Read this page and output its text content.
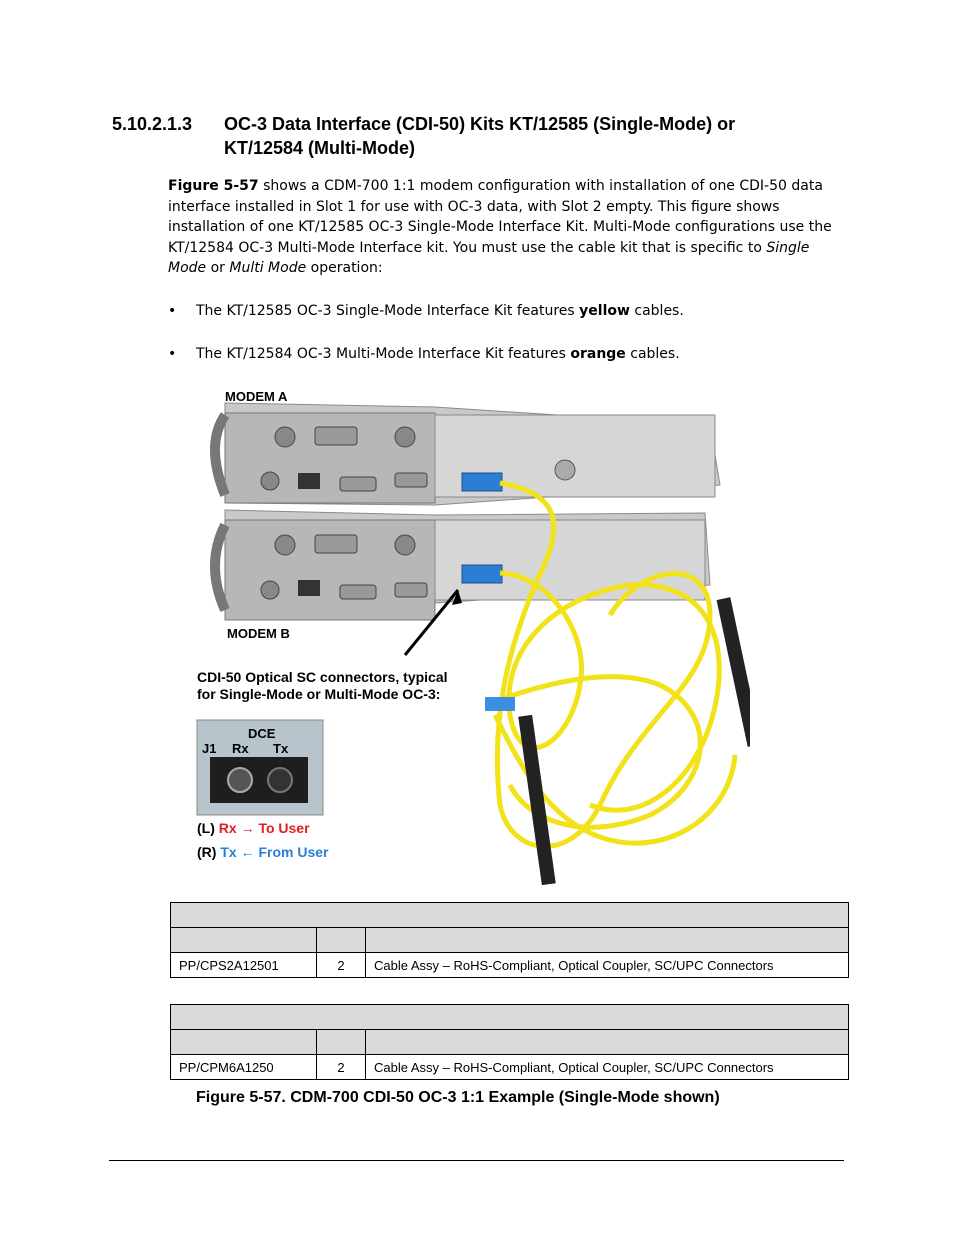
5.10.2.1.3 OC-3 Data Interface (CDI-50) Kits KT/12585 (Single-Mode) or
KT/12584 (Multi-Mode)
Figure 5-57 shows a CDM-700 1:1 modem configuration with installation of one CDI-50 data
interface installed in Slot 1 for use with OC-3 data, with Slot 2 empty. This figure shows
installation of one KT/12585 OC-3 Single-Mode Interface Kit. Multi-Mode configurations use the
KT/12584 OC-3 Multi-Mode Interface kit. You must use the cable kit that is specific to Single
Mode or Multi Mode operation:
• The KT/12585 OC-3 Single-Mode Interface Kit features yellow cables.
• The KT/12584 OC-3 Multi-Mode Interface Kit features orange cables.
MODEM A
MODEM B
CDI-50 Optical SC connectors, typical
for Single-Mode or Multi-Mode OC-3:
DCE
J1 Rx Tx
(L) Rx → To User
(R) Tx ← From User

PP/CPS2A12501	2	Cable Assy – RoHS-Compliant, Optical Coupler, SC/UPC Connectors

PP/CPM6A1250	2	Cable Assy – RoHS-Compliant, Optical Coupler, SC/UPC Connectors
Figure 5-57. CDM-700 CDI-50 OC-3 1:1 Example (Single-Mode shown)
